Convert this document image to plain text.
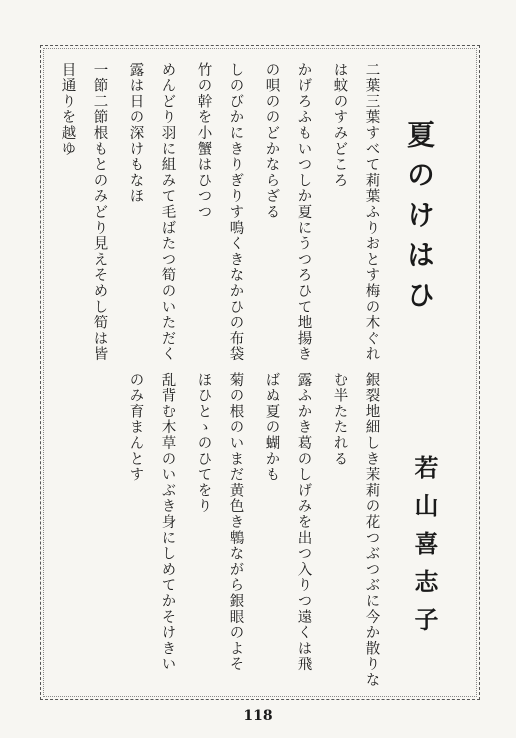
夏のけはひ
二葉三葉すべて莉葉ふりおとす梅の木ぐれ
は蚊のすみどころ
かげろふもいつしか夏にうつろひて地揚き
の唄ののどかならざる
しのびかにきりぎりす鳴くきなかひの布袋
竹の幹を小蟹はひつつ
めんどり羽に組みて毛ばたつ筍のいただく
露は日の深けもなほ
一節二節根もとのみどり見えそめし筍は皆
目通りを越ゆ
若山喜志子
銀裂地細しき茉莉の花つぶつぶに今か散りな
む半たたれる
露ふかき葛のしげみを出つ入りつ遠くは飛
ばぬ夏の蝴かも
菊の根のいまだ黄色き鵯ながら銀眼のよそ
ほひとゝのひてをり
乱背む木草のいぶき身にしめてかそけきい
のみ育まんとす
118
